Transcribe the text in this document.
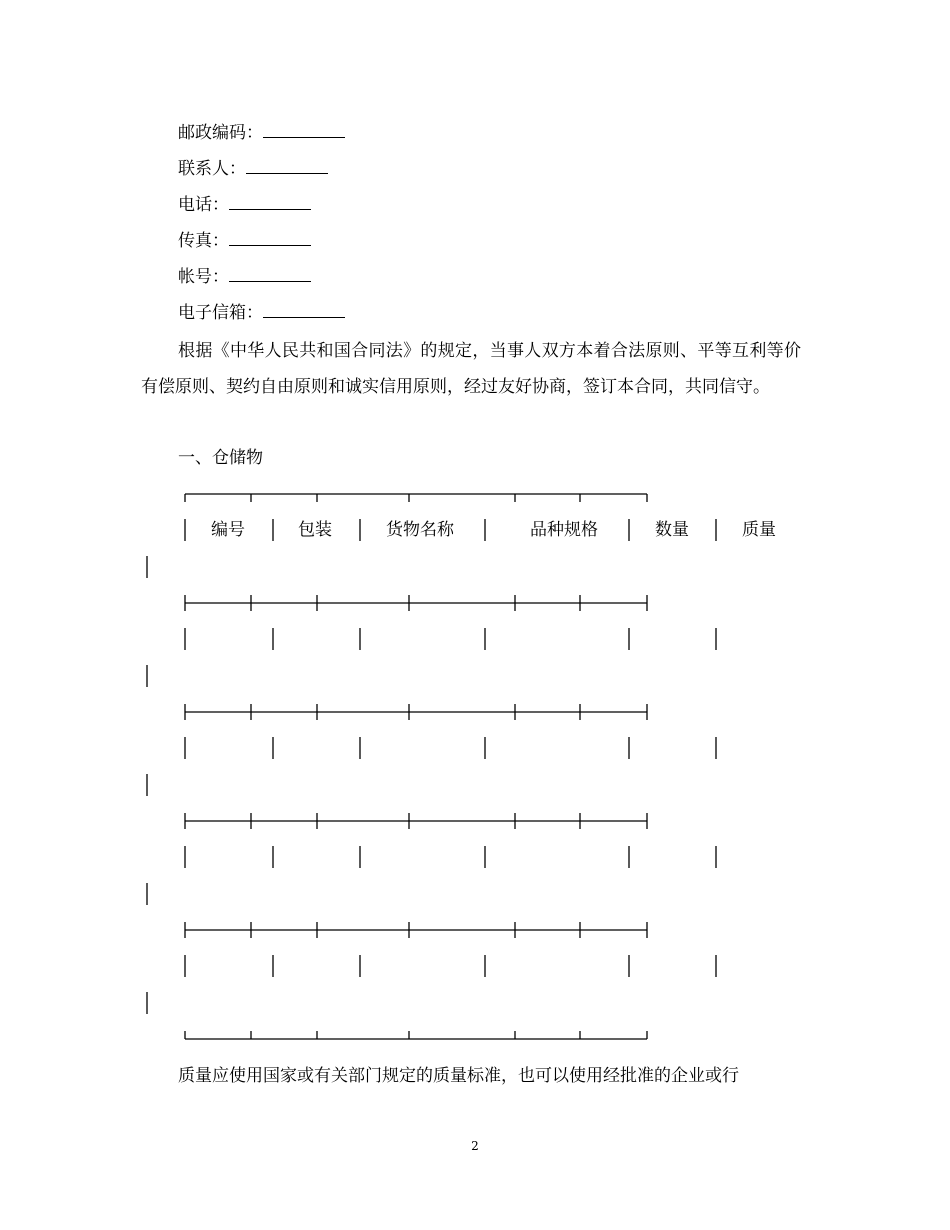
邮政编码：
联系人：
电话：
传真：
帐号：
电子信箱：
根据《中华人民共和国合同法》的规定，当事人双方本着合法原则、平等互利等价有偿原则、契约自由原则和诚实信用原则，经过友好协商，签订本合同，共同信守。
一、仓储物
编号	包装	货物名称	品种规格	数量	质量
质量应使用国家或有关部门规定的质量标准，也可以使用经批准的企业或行
2
